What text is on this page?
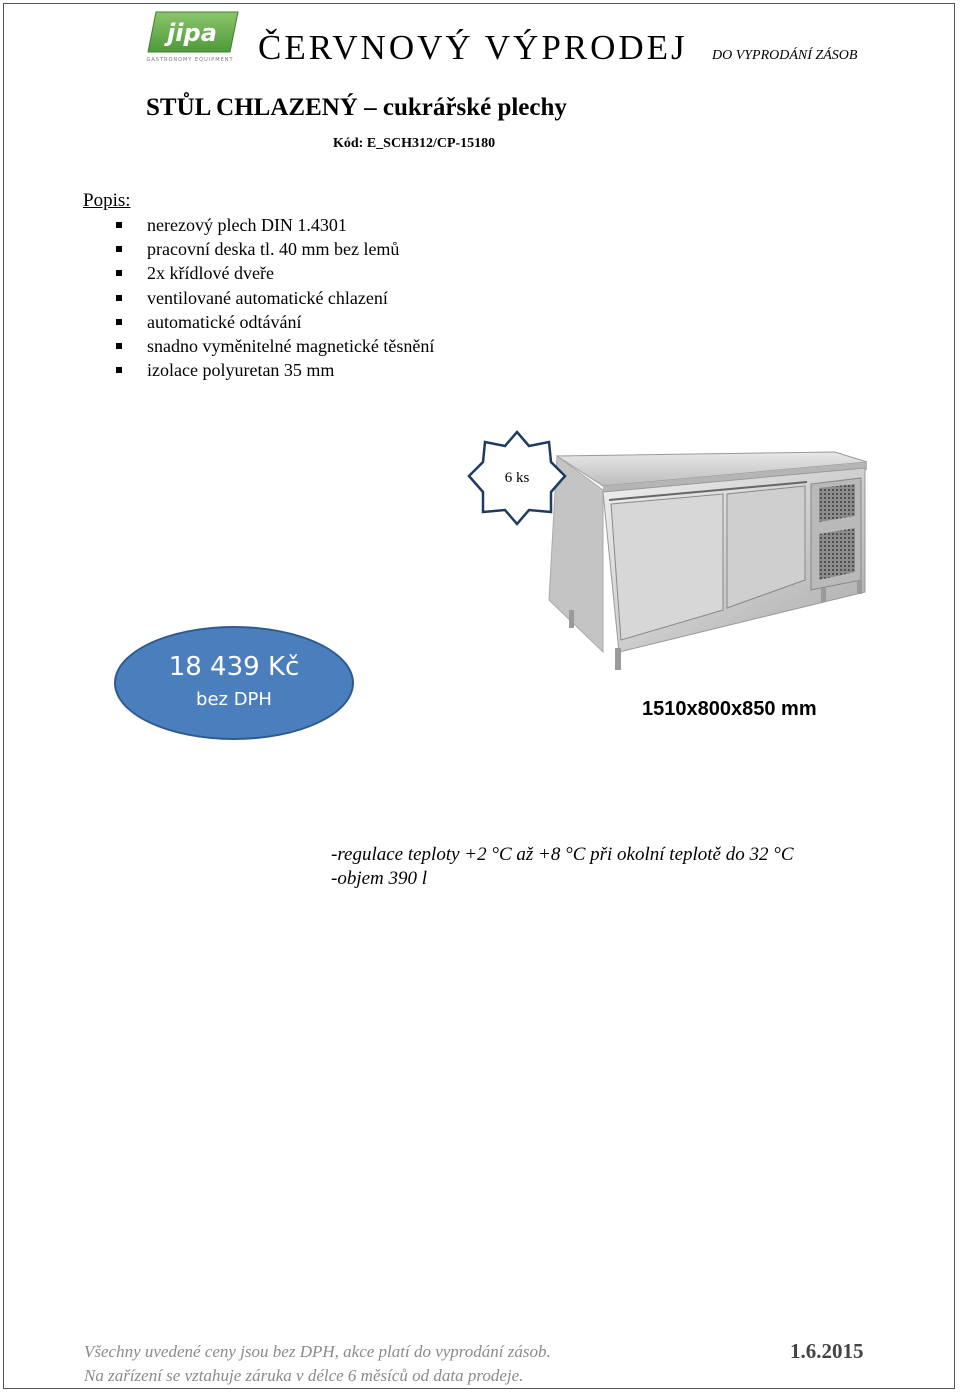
jipa
GASTRONOMY EQUIPMENT ČERVNOVÝ VÝPRODEJ DO VYPRODÁNÍ ZÁSOB
STŮL CHLAZENÝ – cukrářské plechy
Kód: E_SCH312/CP-15180
Popis:
nerezový plech DIN 1.4301
pracovní deska tl. 40 mm bez lemů
2x křídlové dveře
ventilované automatické chlazení
automatické odtávání
snadno vyměnitelné magnetické těsnění
izolace polyuretan 35 mm
6 ks
18 439 Kč
bez DPH	1510x800x850 mm
-regulace teploty +2 °C až +8 °C při okolní teplotě do 32 °C
-objem 390 l
Všechny uvedené ceny jsou bez DPH, akce platí do vyprodání zásob.
Na zařízení se vztahuje záruka v délce 6 měsíců od data prodeje.
1.6.2015
